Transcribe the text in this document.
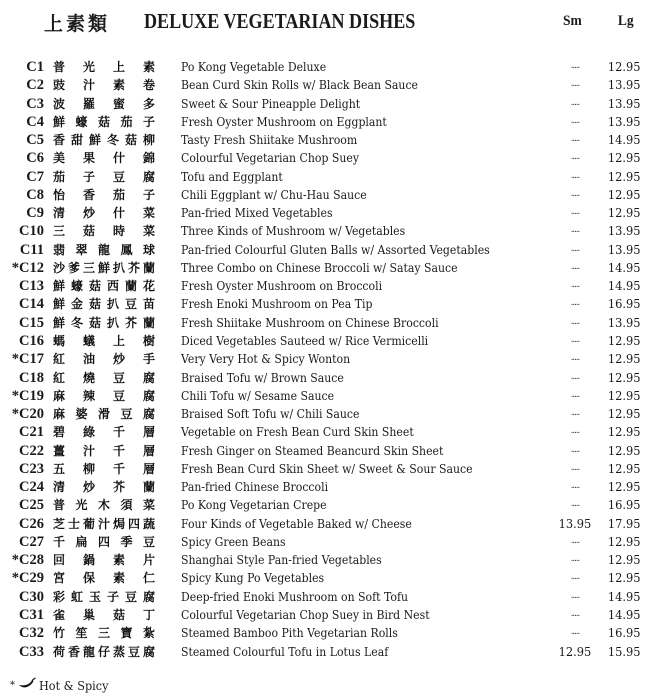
上素類 DELUXE VEGETARIAN DISHES	Sm Lg
C1 普光上素 Po Kong Vegetable Deluxe	.....	12.95
C2 豉汁素卷 Bean Curd Skin Rolls w/ Black Bean Sauce	.....	13.95
C3 波羅蜜多 Sweet & Sour Pineapple Delight	.....	13.95
C4 鮮蠔菇茄子 Fresh Oyster Mushroom on Eggplant	.....	13.95
C5 香甜鮮冬菇柳 Tasty Fresh Shiitake Mushroom	.....	14.95
C6 美果什錦 Colourful Vegetarian Chop Suey	.....	12.95
C7 茄子豆腐 Tofu and Eggplant	.....	12.95
C8 怡香茄子 Chili Eggplant w/ Chu-Hau Sauce	.....	12.95
C9 清炒什菜 Pan-fried Mixed Vegetables	.....	12.95
C10 三菇時菜 Three Kinds of Mushroom w/ Vegetables	.....	13.95
C11 翡翠龍鳳球 Pan-fried Colourful Gluten Balls w/ Assorted Vegetables	.....	13.95
*C12 沙爹三鮮扒芥蘭 Three Combo on Chinese Broccoli w/ Satay Sauce	.....	14.95
C13 鮮蠔菇西蘭花 Fresh Oyster Mushroom on Broccoli	.....	14.95
C14 鮮金菇扒豆苗 Fresh Enoki Mushroom on Pea Tip	.....	16.95
C15 鮮冬菇扒芥蘭 Fresh Shiitake Mushroom on Chinese Broccoli	.....	13.95
C16 螞蟻上樹 Diced Vegetables Sauteed w/ Rice Vermicelli	.....	12.95
*C17 紅油炒手 Very Very Hot & Spicy Wonton	.....	12.95
C18 紅燒豆腐 Braised Tofu w/ Brown Sauce	.....	12.95
*C19 麻辣豆腐 Chili Tofu w/ Sesame Sauce	.....	12.95
*C20 麻婆滑豆腐 Braised Soft Tofu w/ Chili Sauce	.....	12.95
C21 碧綠千層 Vegetable on Fresh Bean Curd Skin Sheet	.....	12.95
C22 薑汁千層 Fresh Ginger on Steamed Beancurd Skin Sheet	.....	12.95
C23 五柳千層 Fresh Bean Curd Skin Sheet w/ Sweet & Sour Sauce	.....	12.95
C24 清炒芥蘭 Pan-fried Chinese Broccoli	.....	12.95
C25 普光木須菜 Po Kong Vegetarian Crepe	.....	16.95
C26 芝士葡汁焗四蔬 Four Kinds of Vegetable Baked w/ Cheese	13.95 17.95
C27 千扁四季豆 Spicy Green Beans	.....	12.95
*C28 回鍋素片 Shanghai Style Pan-fried Vegetables	.....	12.95
*C29 宮保素仁 Spicy Kung Po Vegetables	.....	12.95
C30 彩虹玉子豆腐 Deep-fried Enoki Mushroom on Soft Tofu	.....	14.95
C31 雀巢菇丁 Colourful Vegetarian Chop Suey in Bird Nest	.....	14.95
C32 竹笙三寶紮 Steamed Bamboo Pith Vegetarian Rolls	.....	16.95
C33 荷香龍仔蒸豆腐 Steamed Colourful Tofu in Lotus Leaf	12.95 15.95
* Hot & Spicy
